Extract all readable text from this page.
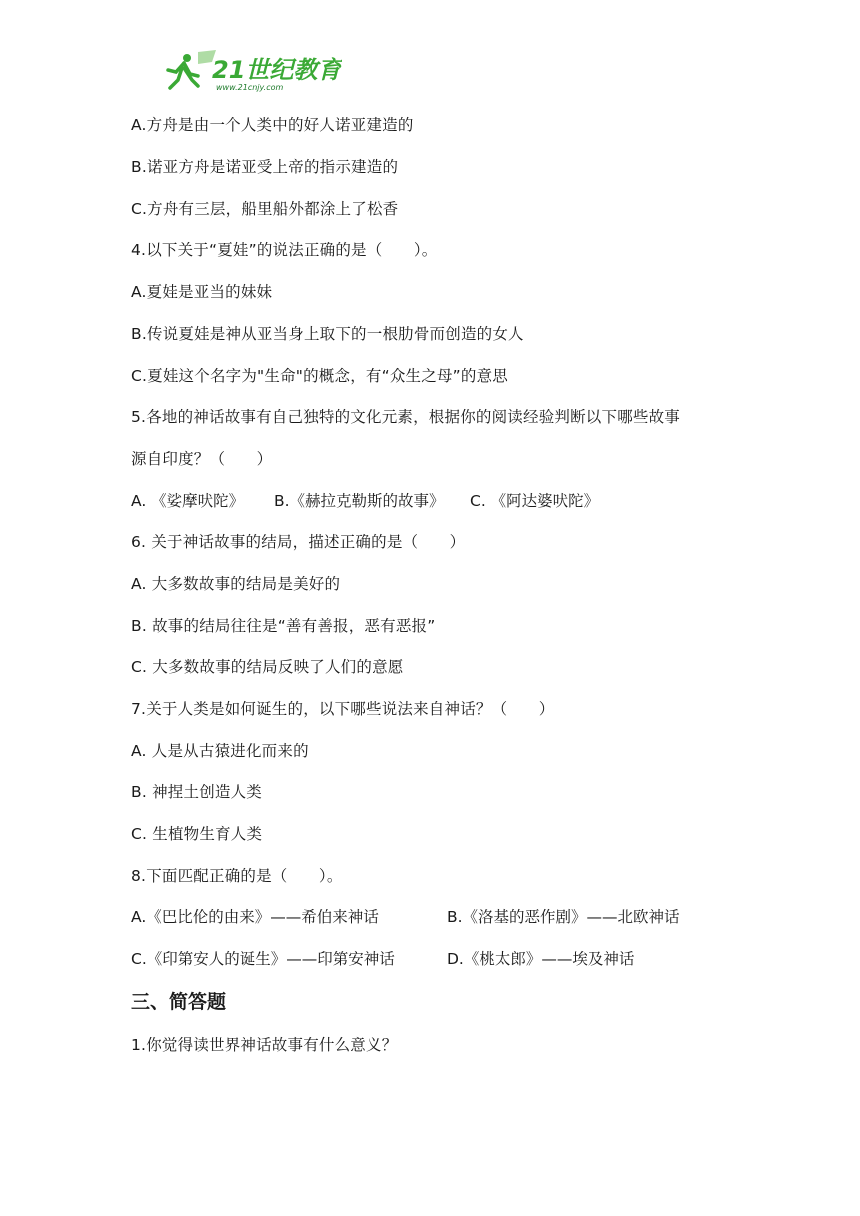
21世纪教育
www.21cnjy.com
A.方舟是由一个人类中的好人诺亚建造的
B.诺亚方舟是诺亚受上帝的指示建造的
C.方舟有三层，船里船外都涂上了松香
4.以下关于“夏娃”的说法正确的是（　　）。
A.夏娃是亚当的妹妹
B.传说夏娃是神从亚当身上取下的一根肋骨而创造的女人
C.夏娃这个名字为"生命"的概念，有“众生之母”的意思
5.各地的神话故事有自己独特的文化元素，根据你的阅读经验判断以下哪些故事
源自印度？（　　）
A. 《娑摩吠陀》 B.《赫拉克勒斯的故事》 C. 《阿达婆吠陀》
6. 关于神话故事的结局，描述正确的是（　　）
A. 大多数故事的结局是美好的
B. 故事的结局往往是“善有善报，恶有恶报”
C. 大多数故事的结局反映了人们的意愿
7.关于人类是如何诞生的，以下哪些说法来自神话？（　　）
A. 人是从古猿进化而来的
B. 神捏土创造人类
C. 生植物生育人类
8.下面匹配正确的是（　　）。
A.《巴比伦的由来》——希伯来神话	B.《洛基的恶作剧》——北欧神话
C.《印第安人的诞生》——印第安神话	D.《桃太郎》——埃及神话
三、简答题
1.你觉得读世界神话故事有什么意义？
